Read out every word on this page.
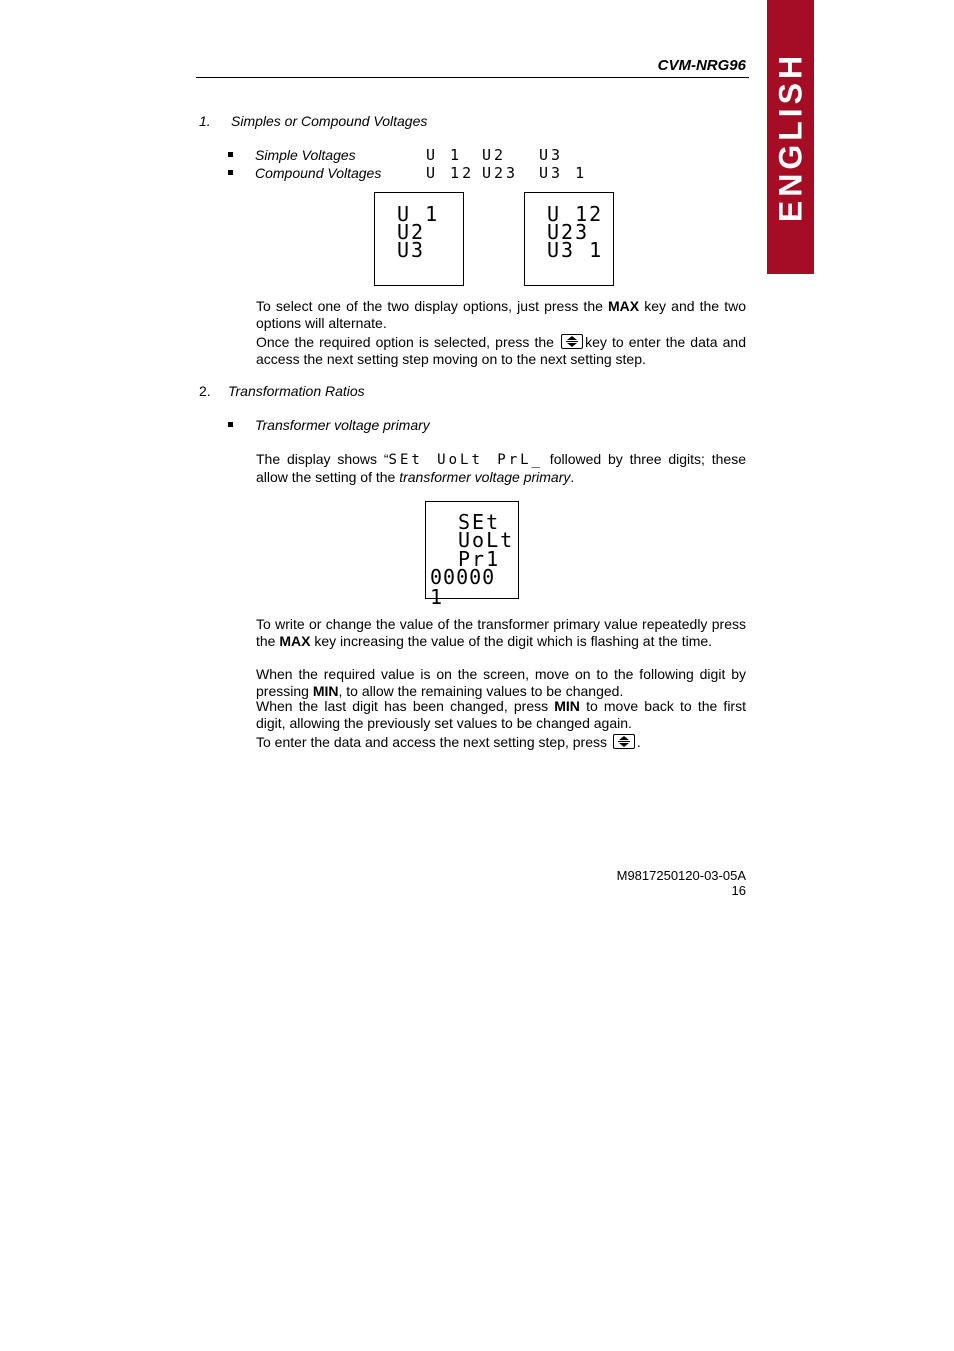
ENGLISH
CVM-NRG96
1. Simples or Compound Voltages
Simple Voltages	U 1 U2 U3
Compound Voltages	U 12 U23 U3 1
U 1
U2
U3
U 12
U23
U3 1
To select one of the two display options, just press the MAX key and the two options will alternate.
Once the required option is selected, press the
key to enter the data and access the next setting step moving on to the next setting step.
2. Transformation Ratios
Transformer voltage primary
The display shows “SEt UoLt PrL_ followed by three digits; these allow the setting of the transformer voltage primary.
SEt
UoLt
Pr1
00000 1
To write or change the value of the transformer primary value repeatedly press the MAX key increasing the value of the digit which is flashing at the time.
When the required value is on the screen, move on to the following digit by pressing MIN, to allow the remaining values to be changed.
When the last digit has been changed, press MIN to move back to the first digit, allowing the previously set values to be changed again.
To enter the data and access the next setting step, press
.
M9817250120-03-05A
16
